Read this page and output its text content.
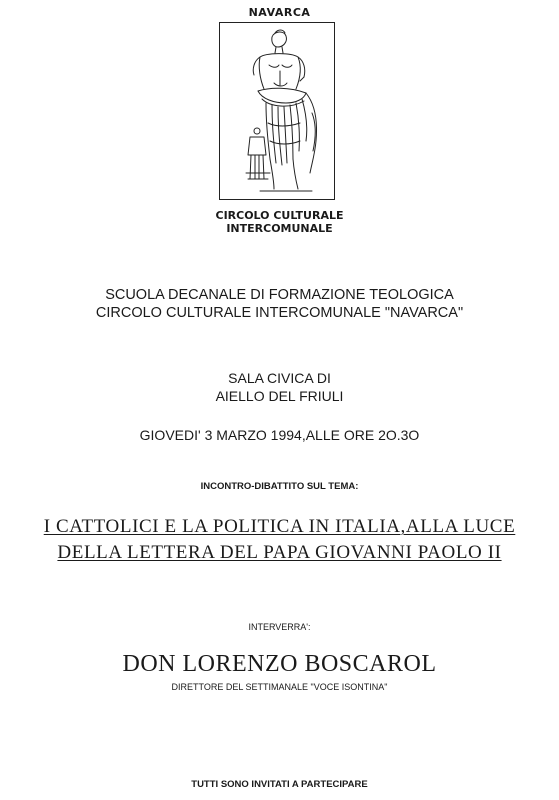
NAVARCA
CIRCOLO CULTURALE
INTERCOMUNALE
SCUOLA DECANALE DI FORMAZIONE TEOLOGICA
CIRCOLO CULTURALE INTERCOMUNALE "NAVARCA"
SALA CIVICA DI
AIELLO DEL FRIULI
GIOVEDI' 3 MARZO 1994,ALLE ORE 2O.3O
INCONTRO-DIBATTITO SUL TEMA:
I CATTOLICI E LA POLITICA IN ITALIA,ALLA LUCE
DELLA LETTERA DEL PAPA GIOVANNI PAOLO II
INTERVERRA':
DON LORENZO BOSCAROL
DIRETTORE DEL SETTIMANALE "VOCE ISONTINA"
TUTTI SONO INVITATI A PARTECIPARE
